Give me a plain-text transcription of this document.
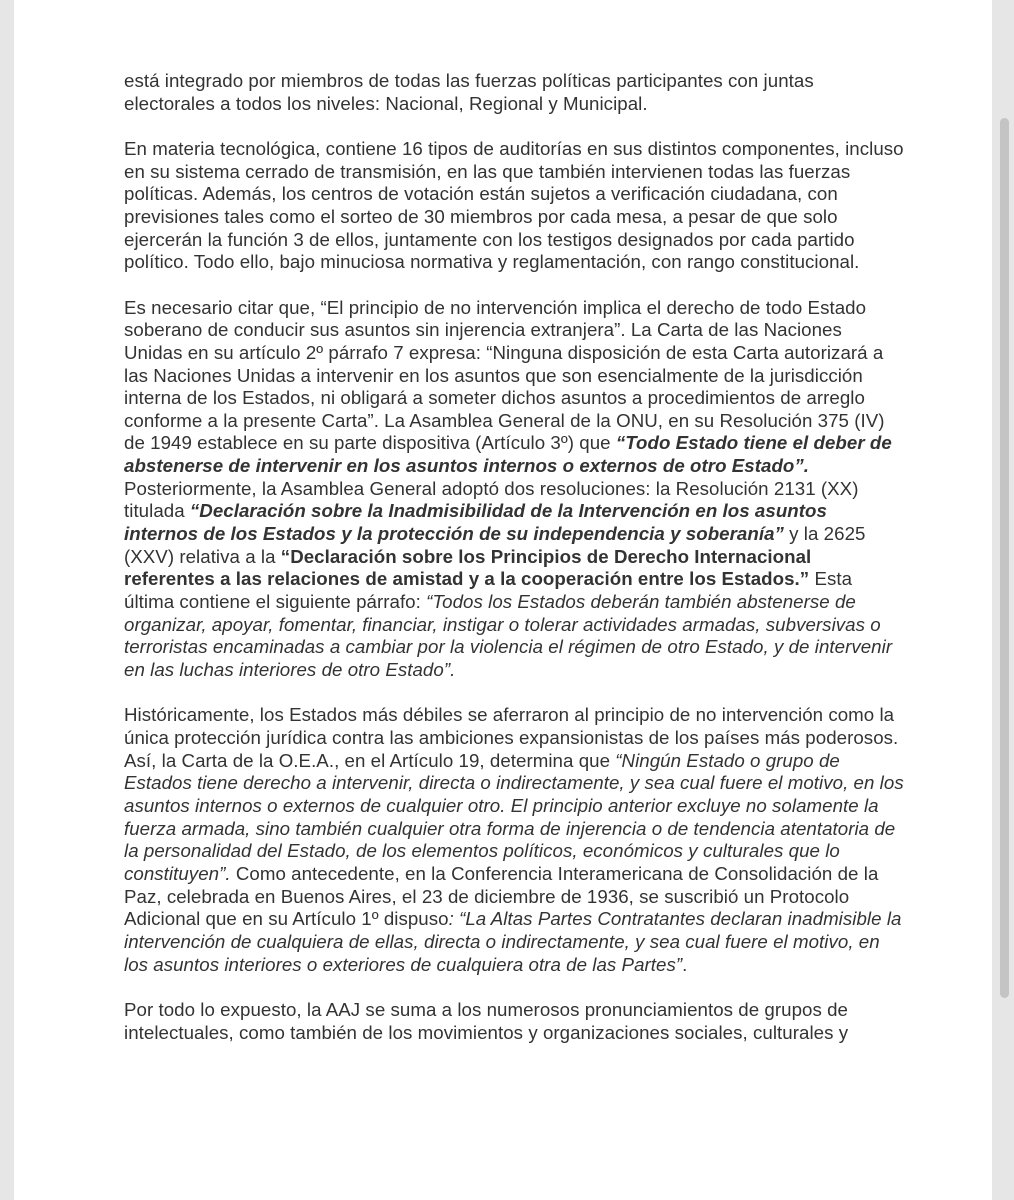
está integrado por miembros de todas las fuerzas políticas participantes con juntas electorales a todos los niveles: Nacional, Regional y Municipal.

En materia tecnológica, contiene 16 tipos de auditorías en sus distintos componentes, incluso en su sistema cerrado de transmisión, en las que también intervienen todas las fuerzas políticas. Además, los centros de votación están sujetos a verificación ciudadana, con previsiones tales como el sorteo de 30 miembros por cada mesa, a pesar de que solo ejercerán la función 3 de ellos, juntamente con los testigos designados por cada partido político. Todo ello, bajo minuciosa normativa y reglamentación, con rango constitucional.

Es necesario citar que, “El principio de no intervención implica el derecho de todo Estado soberano de conducir sus asuntos sin injerencia extranjera”. La Carta de las Naciones Unidas en su artículo 2º párrafo 7 expresa: “Ninguna disposición de esta Carta autorizará a las Naciones Unidas a intervenir en los asuntos que son esencialmente de la jurisdicción interna de los Estados, ni obligará a someter dichos asuntos a procedimientos de arreglo conforme a la presente Carta”. La Asamblea General de la ONU, en su Resolución 375 (IV) de 1949 establece en su parte dispositiva (Artículo 3º) que “Todo Estado tiene el deber de abstenerse de intervenir en los asuntos internos o externos de otro Estado”. Posteriormente, la Asamblea General adoptó dos resoluciones: la Resolución 2131 (XX) titulada “Declaración sobre la Inadmisibilidad de la Intervención en los asuntos internos de los Estados y la protección de su independencia y soberanía” y la 2625 (XXV) relativa a la “Declaración sobre los Principios de Derecho Internacional referentes a las relaciones de amistad y a la cooperación entre los Estados.” Esta última contiene el siguiente párrafo: “Todos los Estados deberán también abstenerse de organizar, apoyar, fomentar, financiar, instigar o tolerar actividades armadas, subversivas o terroristas encaminadas a cambiar por la violencia el régimen de otro Estado, y de intervenir en las luchas interiores de otro Estado”.

Históricamente, los Estados más débiles se aferraron al principio de no intervención como la única protección jurídica contra las ambiciones expansionistas de los países más poderosos. Así, la Carta de la O.E.A., en el Artículo 19, determina que “Ningún Estado o grupo de Estados tiene derecho a intervenir, directa o indirectamente, y sea cual fuere el motivo, en los asuntos internos o externos de cualquier otro. El principio anterior excluye no solamente la fuerza armada, sino también cualquier otra forma de injerencia o de tendencia atentatoria de la personalidad del Estado, de los elementos políticos, económicos y culturales que lo constituyen”. Como antecedente, en la Conferencia Interamericana de Consolidación de la Paz, celebrada en Buenos Aires, el 23 de diciembre de 1936, se suscribió un Protocolo Adicional que en su Artículo 1º dispuso: “La Altas Partes Contratantes declaran inadmisible la intervención de cualquiera de ellas, directa o indirectamente, y sea cual fuere el motivo, en los asuntos interiores o exteriores de cualquiera otra de las Partes”.

Por todo lo expuesto, la AAJ se suma a los numerosos pronunciamientos de grupos de intelectuales, como también de los movimientos y organizaciones sociales, culturales y
